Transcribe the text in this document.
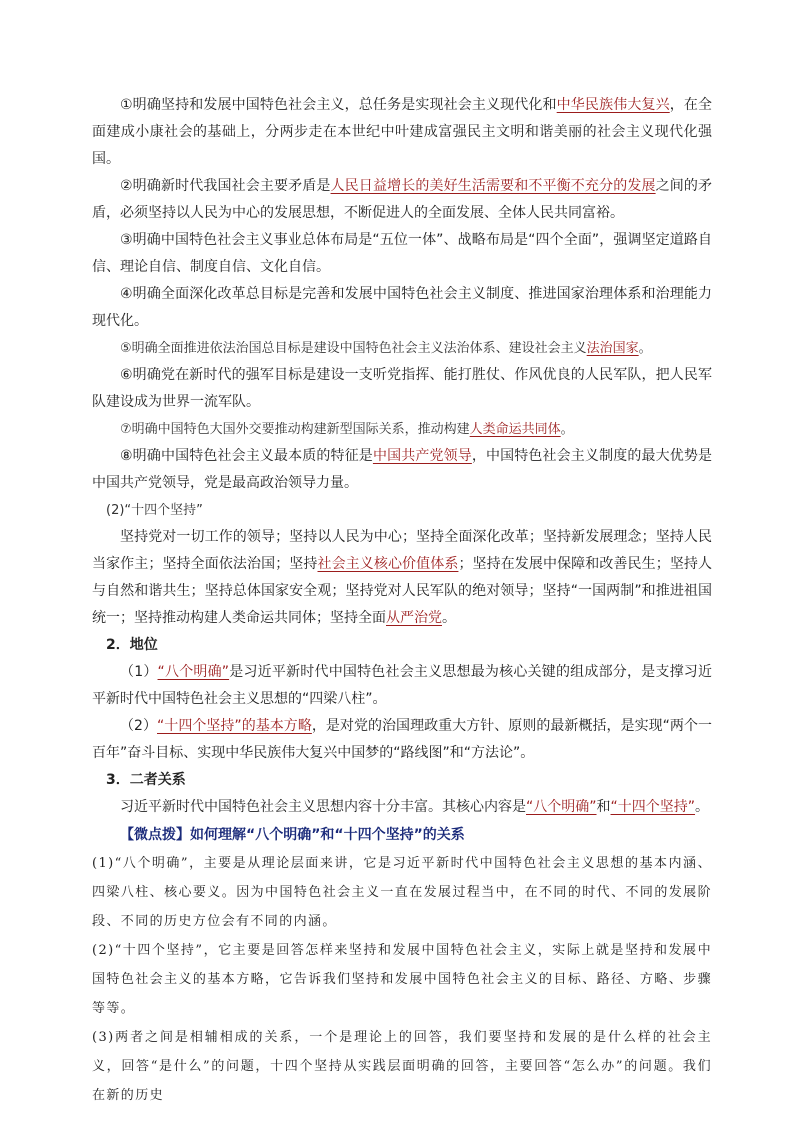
①明确坚持和发展中国特色社会主义，总任务是实现社会主义现代化和中华民族伟大复兴，在全面建成小康社会的基础上，分两步走在本世纪中叶建成富强民主文明和谐美丽的社会主义现代化强国。

②明确新时代我国社会主要矛盾是人民日益增长的美好生活需要和不平衡不充分的发展之间的矛盾，必须坚持以人民为中心的发展思想，不断促进人的全面发展、全体人民共同富裕。

③明确中国特色社会主义事业总体布局是“五位一体”、战略布局是“四个全面”，强调坚定道路自信、理论自信、制度自信、文化自信。

④明确全面深化改革总目标是完善和发展中国特色社会主义制度、推进国家治理体系和治理能力现代化。

⑤明确全面推进依法治国总目标是建设中国特色社会主义法治体系、建设社会主义法治国家。

⑥明确党在新时代的强军目标是建设一支听党指挥、能打胜仗、作风优良的人民军队，把人民军队建设成为世界一流军队。

⑦明确中国特色大国外交要推动构建新型国际关系，推动构建人类命运共同体。

⑧明确中国特色社会主义最本质的特征是中国共产党领导，中国特色社会主义制度的最大优势是中国共产党领导，党是最高政治领导力量。

(2)“十四个坚持”

坚持党对一切工作的领导；坚持以人民为中心；坚持全面深化改革；坚持新发展理念；坚持人民当家作主；坚持全面依法治国；坚持社会主义核心价值体系；坚持在发展中保障和改善民生；坚持人与自然和谐共生；坚持总体国家安全观；坚持党对人民军队的绝对领导；坚持“一国两制”和推进祖国统一；坚持推动构建人类命运共同体；坚持全面从严治党。

2．地位

（1）“八个明确”是习近平新时代中国特色社会主义思想最为核心关键的组成部分，是支撑习近平新时代中国特色社会主义思想的“四梁八柱”。

（2）“十四个坚持”的基本方略，是对党的治国理政重大方针、原则的最新概括，是实现“两个一百年”奋斗目标、实现中华民族伟大复兴中国梦的“路线图”和“方法论”。

3．二者关系

习近平新时代中国特色社会主义思想内容十分丰富。其核心内容是“八个明确”和“十四个坚持”。

【微点拨】如何理解“八个明确”和“十四个坚持”的关系

(1)“八个明确”，主要是从理论层面来讲，它是习近平新时代中国特色社会主义思想的基本内涵、四梁八柱、核心要义。因为中国特色社会主义一直在发展过程当中，在不同的时代、不同的发展阶段、不同的历史方位会有不同的内涵。

(2)“十四个坚持”，它主要是回答怎样来坚持和发展中国特色社会主义，实际上就是坚持和发展中国特色社会主义的基本方略，它告诉我们坚持和发展中国特色社会主义的目标、路径、方略、步骤等等。

(3)两者之间是相辅相成的关系，一个是理论上的回答，我们要坚持和发展的是什么样的社会主义，回答“是什么”的问题，十四个坚持从实践层面明确的回答，主要回答“怎么办”的问题。我们在新的历史
